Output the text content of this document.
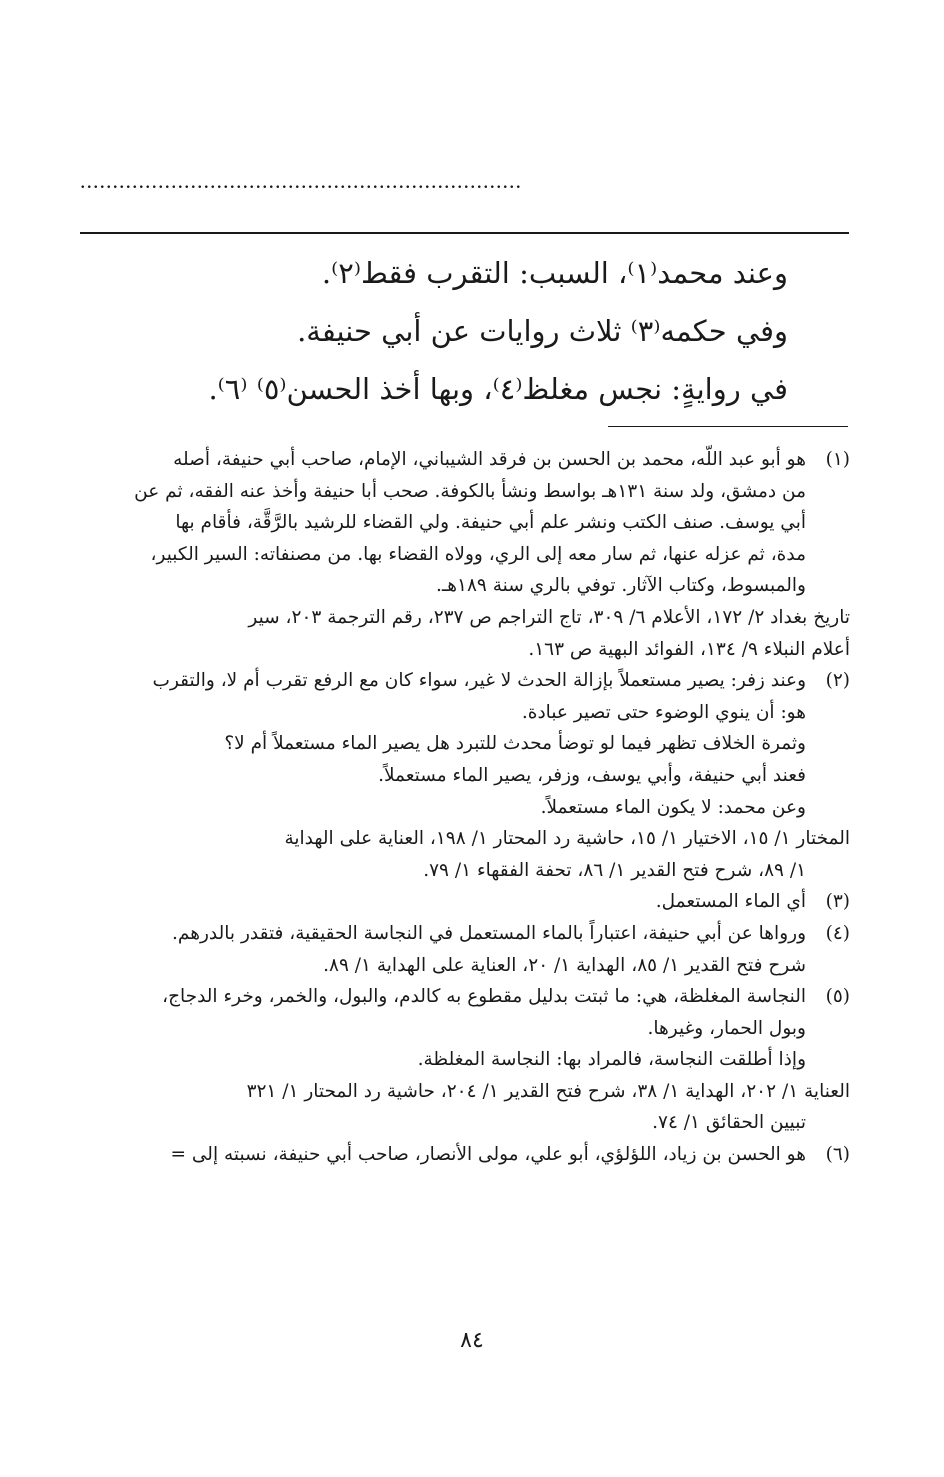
....................................................................
وعند محمد⁽١⁾، السبب: التقرب فقط⁽٢⁾.
وفي حكمه⁽٣⁾ ثلاث روايات عن أبي حنيفة.
في روايةٍ: نجس مغلظ⁽٤⁾، وبها أخذ الحسن⁽٥⁾ ⁽٦⁾.
(١)
هو أبو عبد اللّه، محمد بن الحسن بن فرقد الشيباني، الإمام، صاحب أبي حنيفة، أصله
من دمشق، ولد سنة ١٣١هـ بواسط ونشأ بالكوفة. صحب أبا حنيفة وأخذ عنه الفقه، ثم عن
أبي يوسف. صنف الكتب ونشر علم أبي حنيفة. ولي القضاء للرشيد بالرَّقَّة، فأقام بها
مدة، ثم عزله عنها، ثم سار معه إلى الري، وولاه القضاء بها. من مصنفاته: السير الكبير،
والمبسوط، وكتاب الآثار. توفي بالري سنة ١٨٩هـ.
تاريخ بغداد ٢/ ١٧٢، الأعلام ٦/ ٣٠٩، تاج التراجم ص ٢٣٧، رقم الترجمة ٢٠٣، سير
أعلام النبلاء ٩/ ١٣٤، الفوائد البهية ص ١٦٣.
(٢)
وعند زفر: يصير مستعملاً بإزالة الحدث لا غير، سواء كان مع الرفع تقرب أم لا، والتقرب
هو: أن ينوي الوضوء حتى تصير عبادة.
وثمرة الخلاف تظهر فيما لو توضأ محدث للتبرد هل يصير الماء مستعملاً أم لا؟
فعند أبي حنيفة، وأبي يوسف، وزفر، يصير الماء مستعملاً.
وعن محمد: لا يكون الماء مستعملاً.
المختار ١/ ١٥، الاختيار ١/ ١٥، حاشية رد المحتار ١/ ١٩٨، العناية على الهداية
١/ ٨٩، شرح فتح القدير ١/ ٨٦، تحفة الفقهاء ١/ ٧٩.
(٣)
أي الماء المستعمل.
(٤)
ورواها عن أبي حنيفة، اعتباراً بالماء المستعمل في النجاسة الحقيقية، فتقدر بالدرهم.
شرح فتح القدير ١/ ٨٥، الهداية ١/ ٢٠، العناية على الهداية ١/ ٨٩.
(٥)
النجاسة المغلظة، هي: ما ثبتت بدليل مقطوع به كالدم، والبول، والخمر، وخرء الدجاج،
وبول الحمار، وغيرها.
وإذا أطلقت النجاسة، فالمراد بها: النجاسة المغلظة.
العناية ١/ ٢٠٢، الهداية ١/ ٣٨، شرح فتح القدير ١/ ٢٠٤، حاشية رد المحتار ١/ ٣٢١
تبيين الحقائق ١/ ٧٤.
(٦)
هو الحسن بن زياد، اللؤلؤي، أبو علي، مولى الأنصار، صاحب أبي حنيفة، نسبته إلى =
٨٤
